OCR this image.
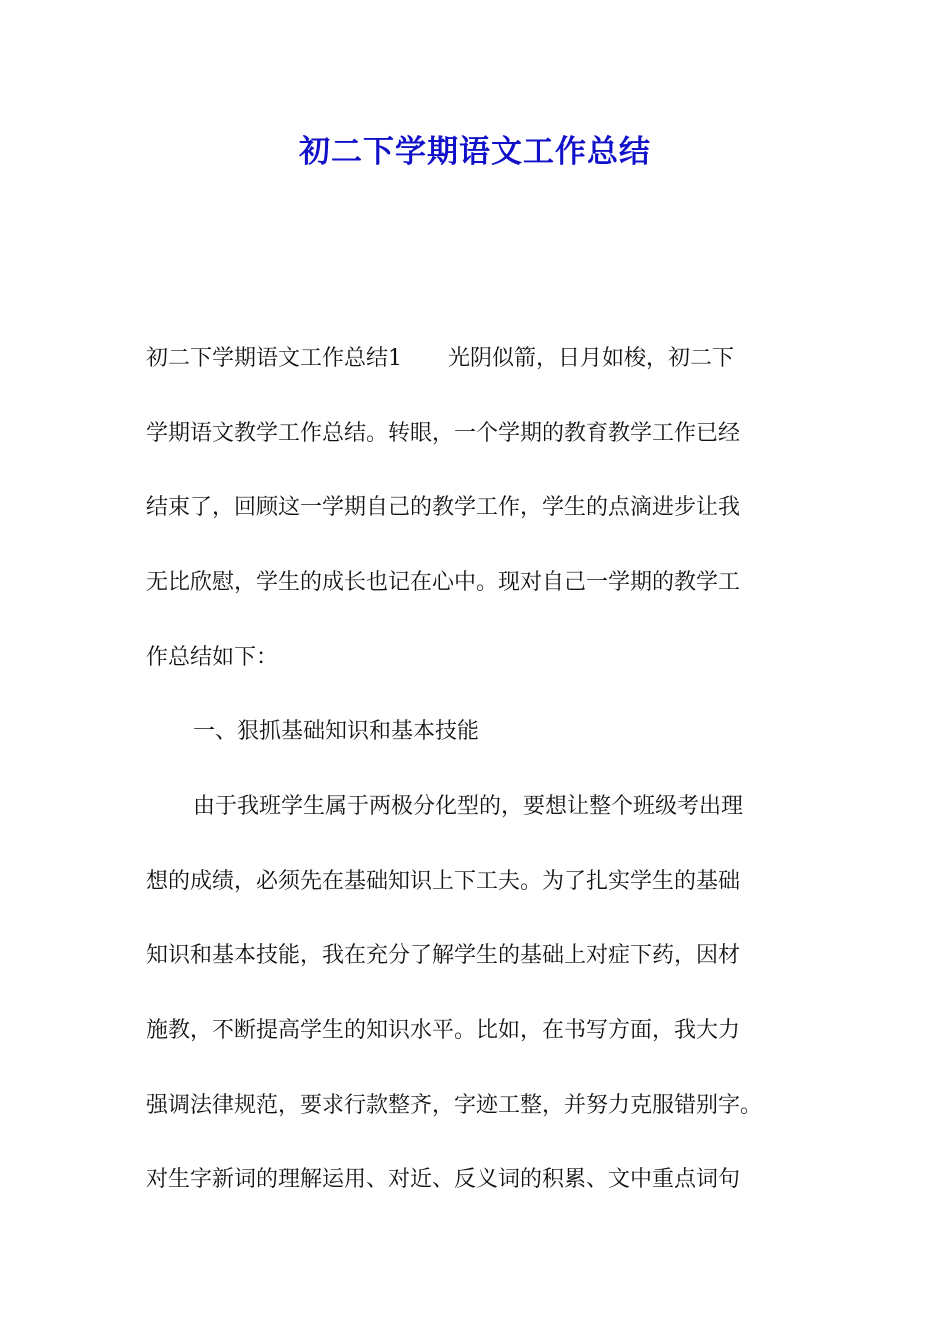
初二下学期语文工作总结

初二下学期语文工作总结1 光阴似箭，日月如梭，初二下

学期语文教学工作总结。转眼，一个学期的教育教学工作已经

结束了，回顾这一学期自己的教学工作，学生的点滴进步让我

无比欣慰，学生的成长也记在心中。现对自己一学期的教学工

作总结如下：

一、狠抓基础知识和基本技能

由于我班学生属于两极分化型的，要想让整个班级考出理

想的成绩，必须先在基础知识上下工夫。为了扎实学生的基础

知识和基本技能，我在充分了解学生的基础上对症下药，因材

施教，不断提高学生的知识水平。比如，在书写方面，我大力

强调法律规范，要求行款整齐，字迹工整，并努力克服错别字。

对生字新词的理解运用、对近、反义词的积累、文中重点词句
